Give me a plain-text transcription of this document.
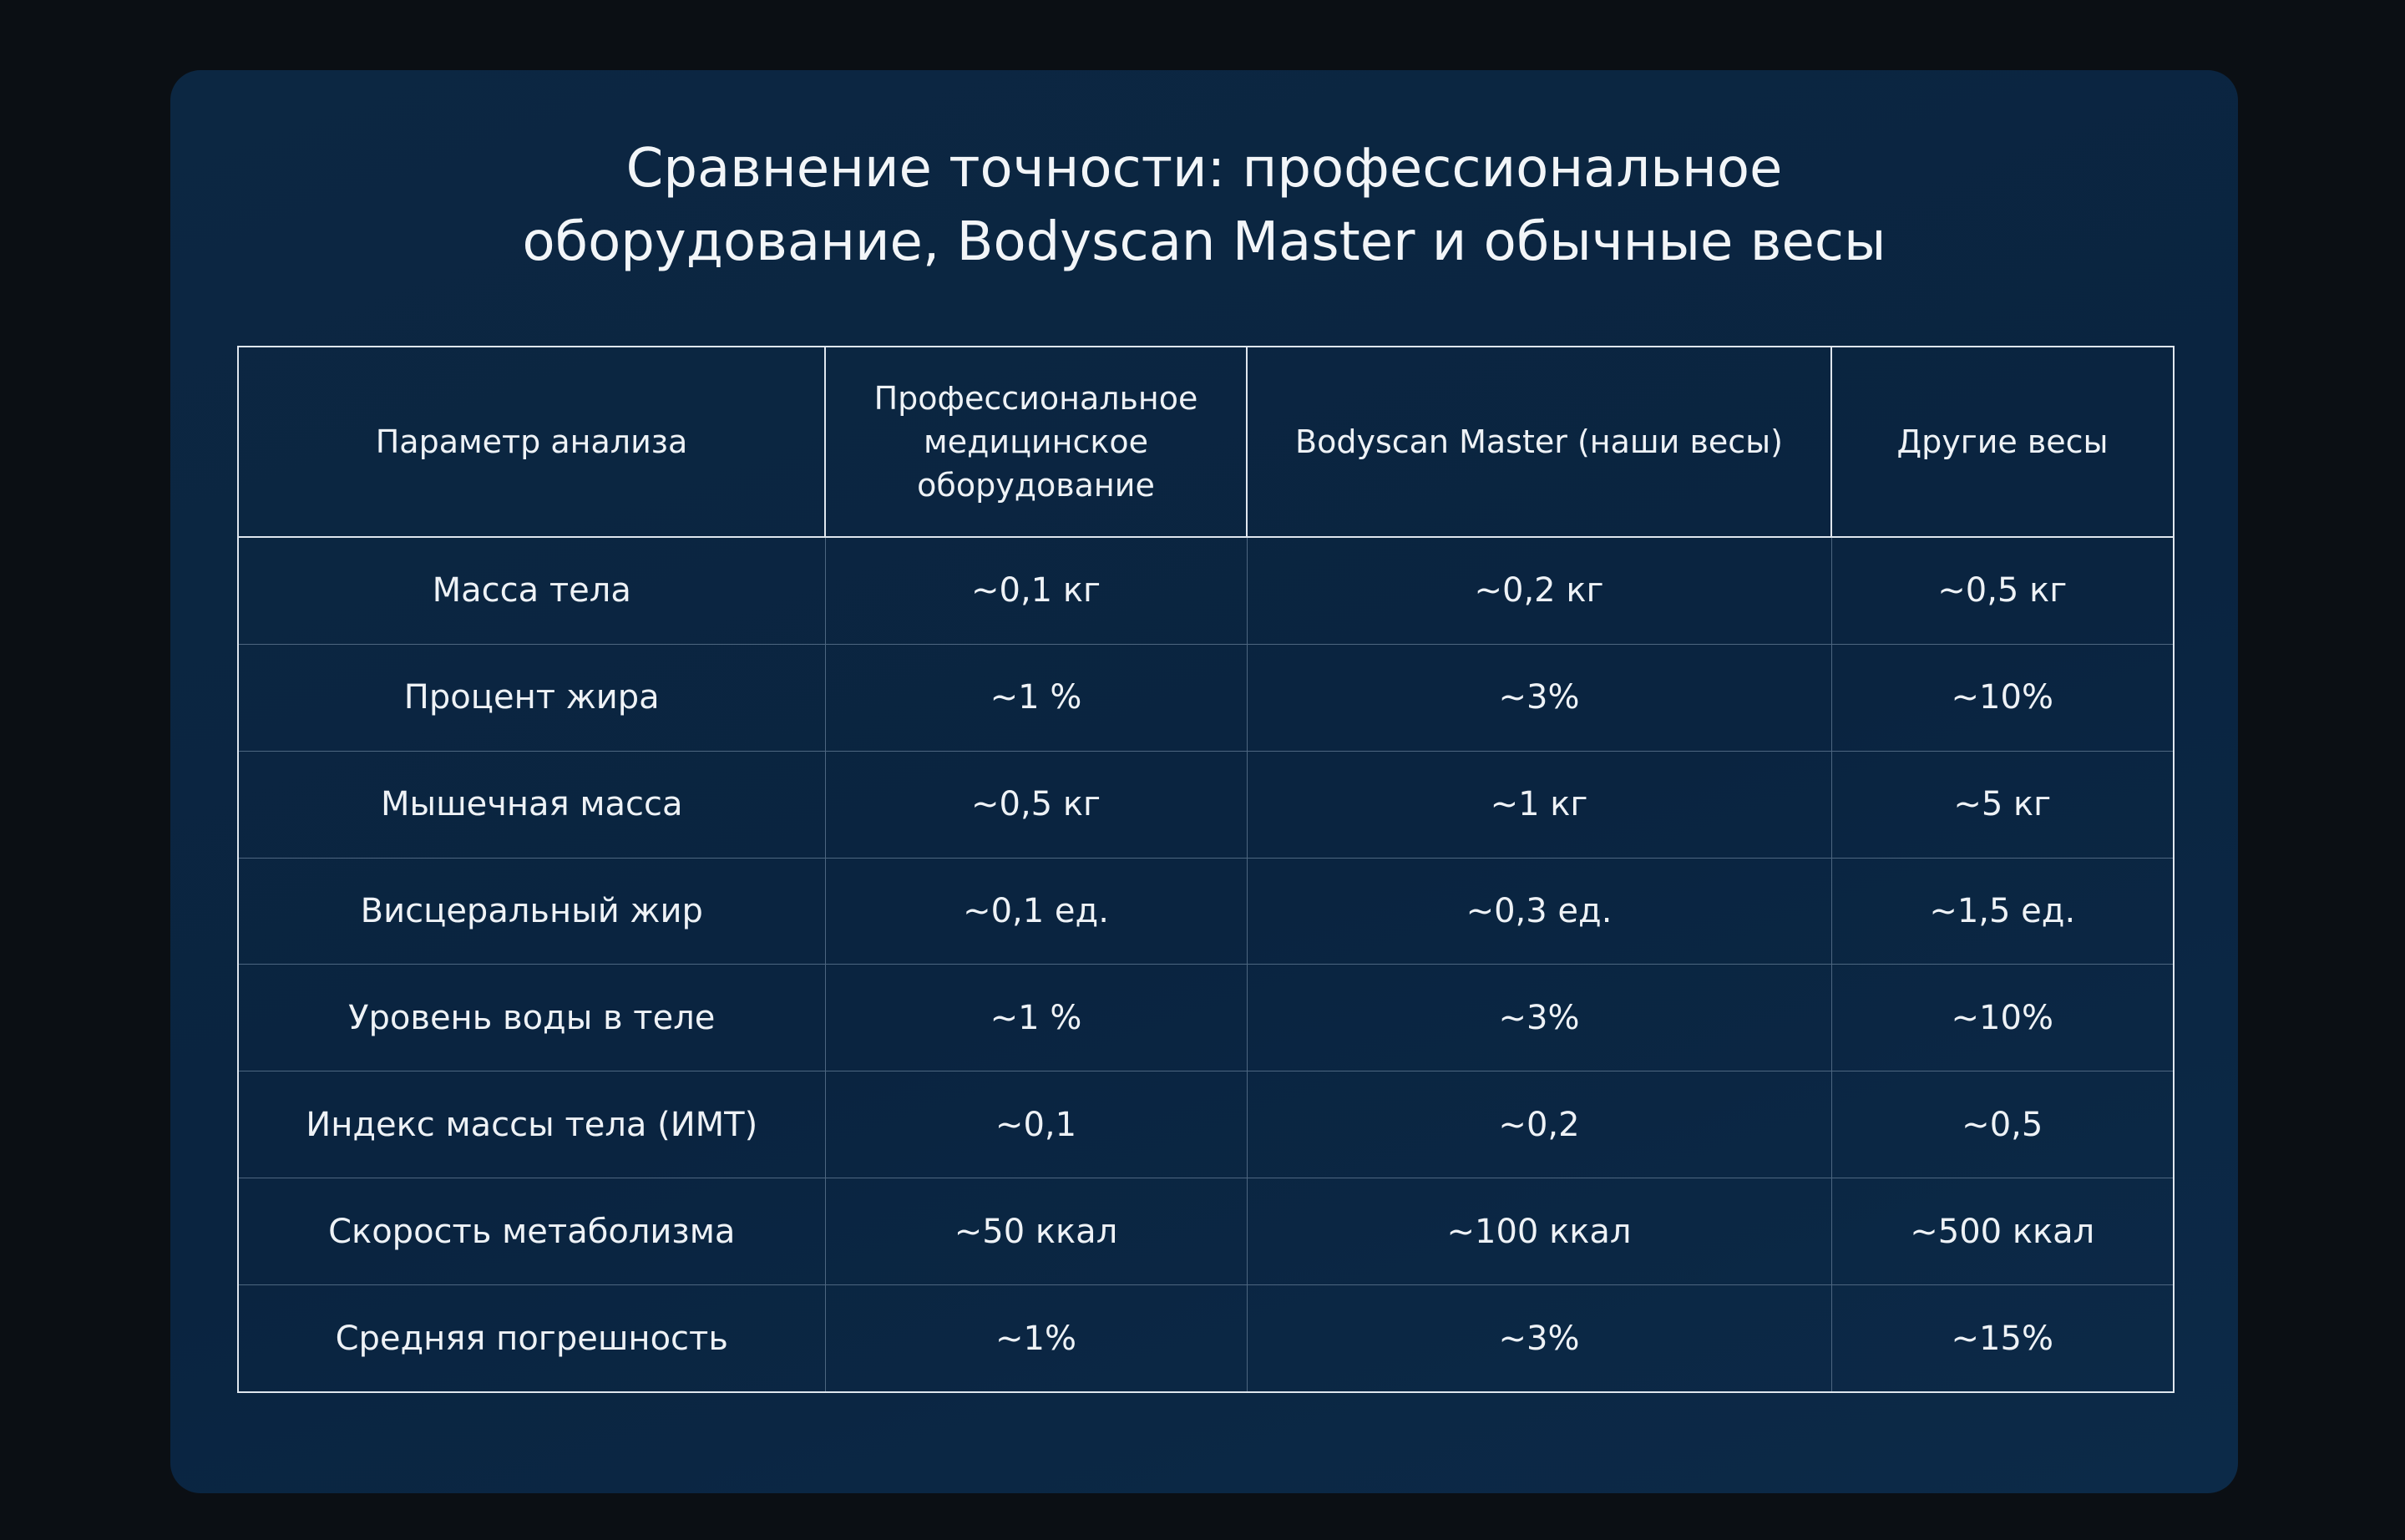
Сравнение точности: профессиональное
оборудование, Bodyscan Master и обычные весы
Параметр анализа	Профессиональное медицинское оборудование	Bodyscan Master (наши весы)	Другие весы
Масса тела	~0,1 кг	~0,2 кг	~0,5 кг
Процент жира	~1 %	~3%	~10%
Мышечная масса	~0,5 кг	~1 кг	~5 кг
Висцеральный жир	~0,1 ед.	~0,3 ед.	~1,5 ед.
Уровень воды в теле	~1 %	~3%	~10%
Индекс массы тела (ИМТ)	~0,1	~0,2	~0,5
Скорость метаболизма	~50 ккал	~100 ккал	~500 ккал
Средняя погрешность	~1%	~3%	~15%
